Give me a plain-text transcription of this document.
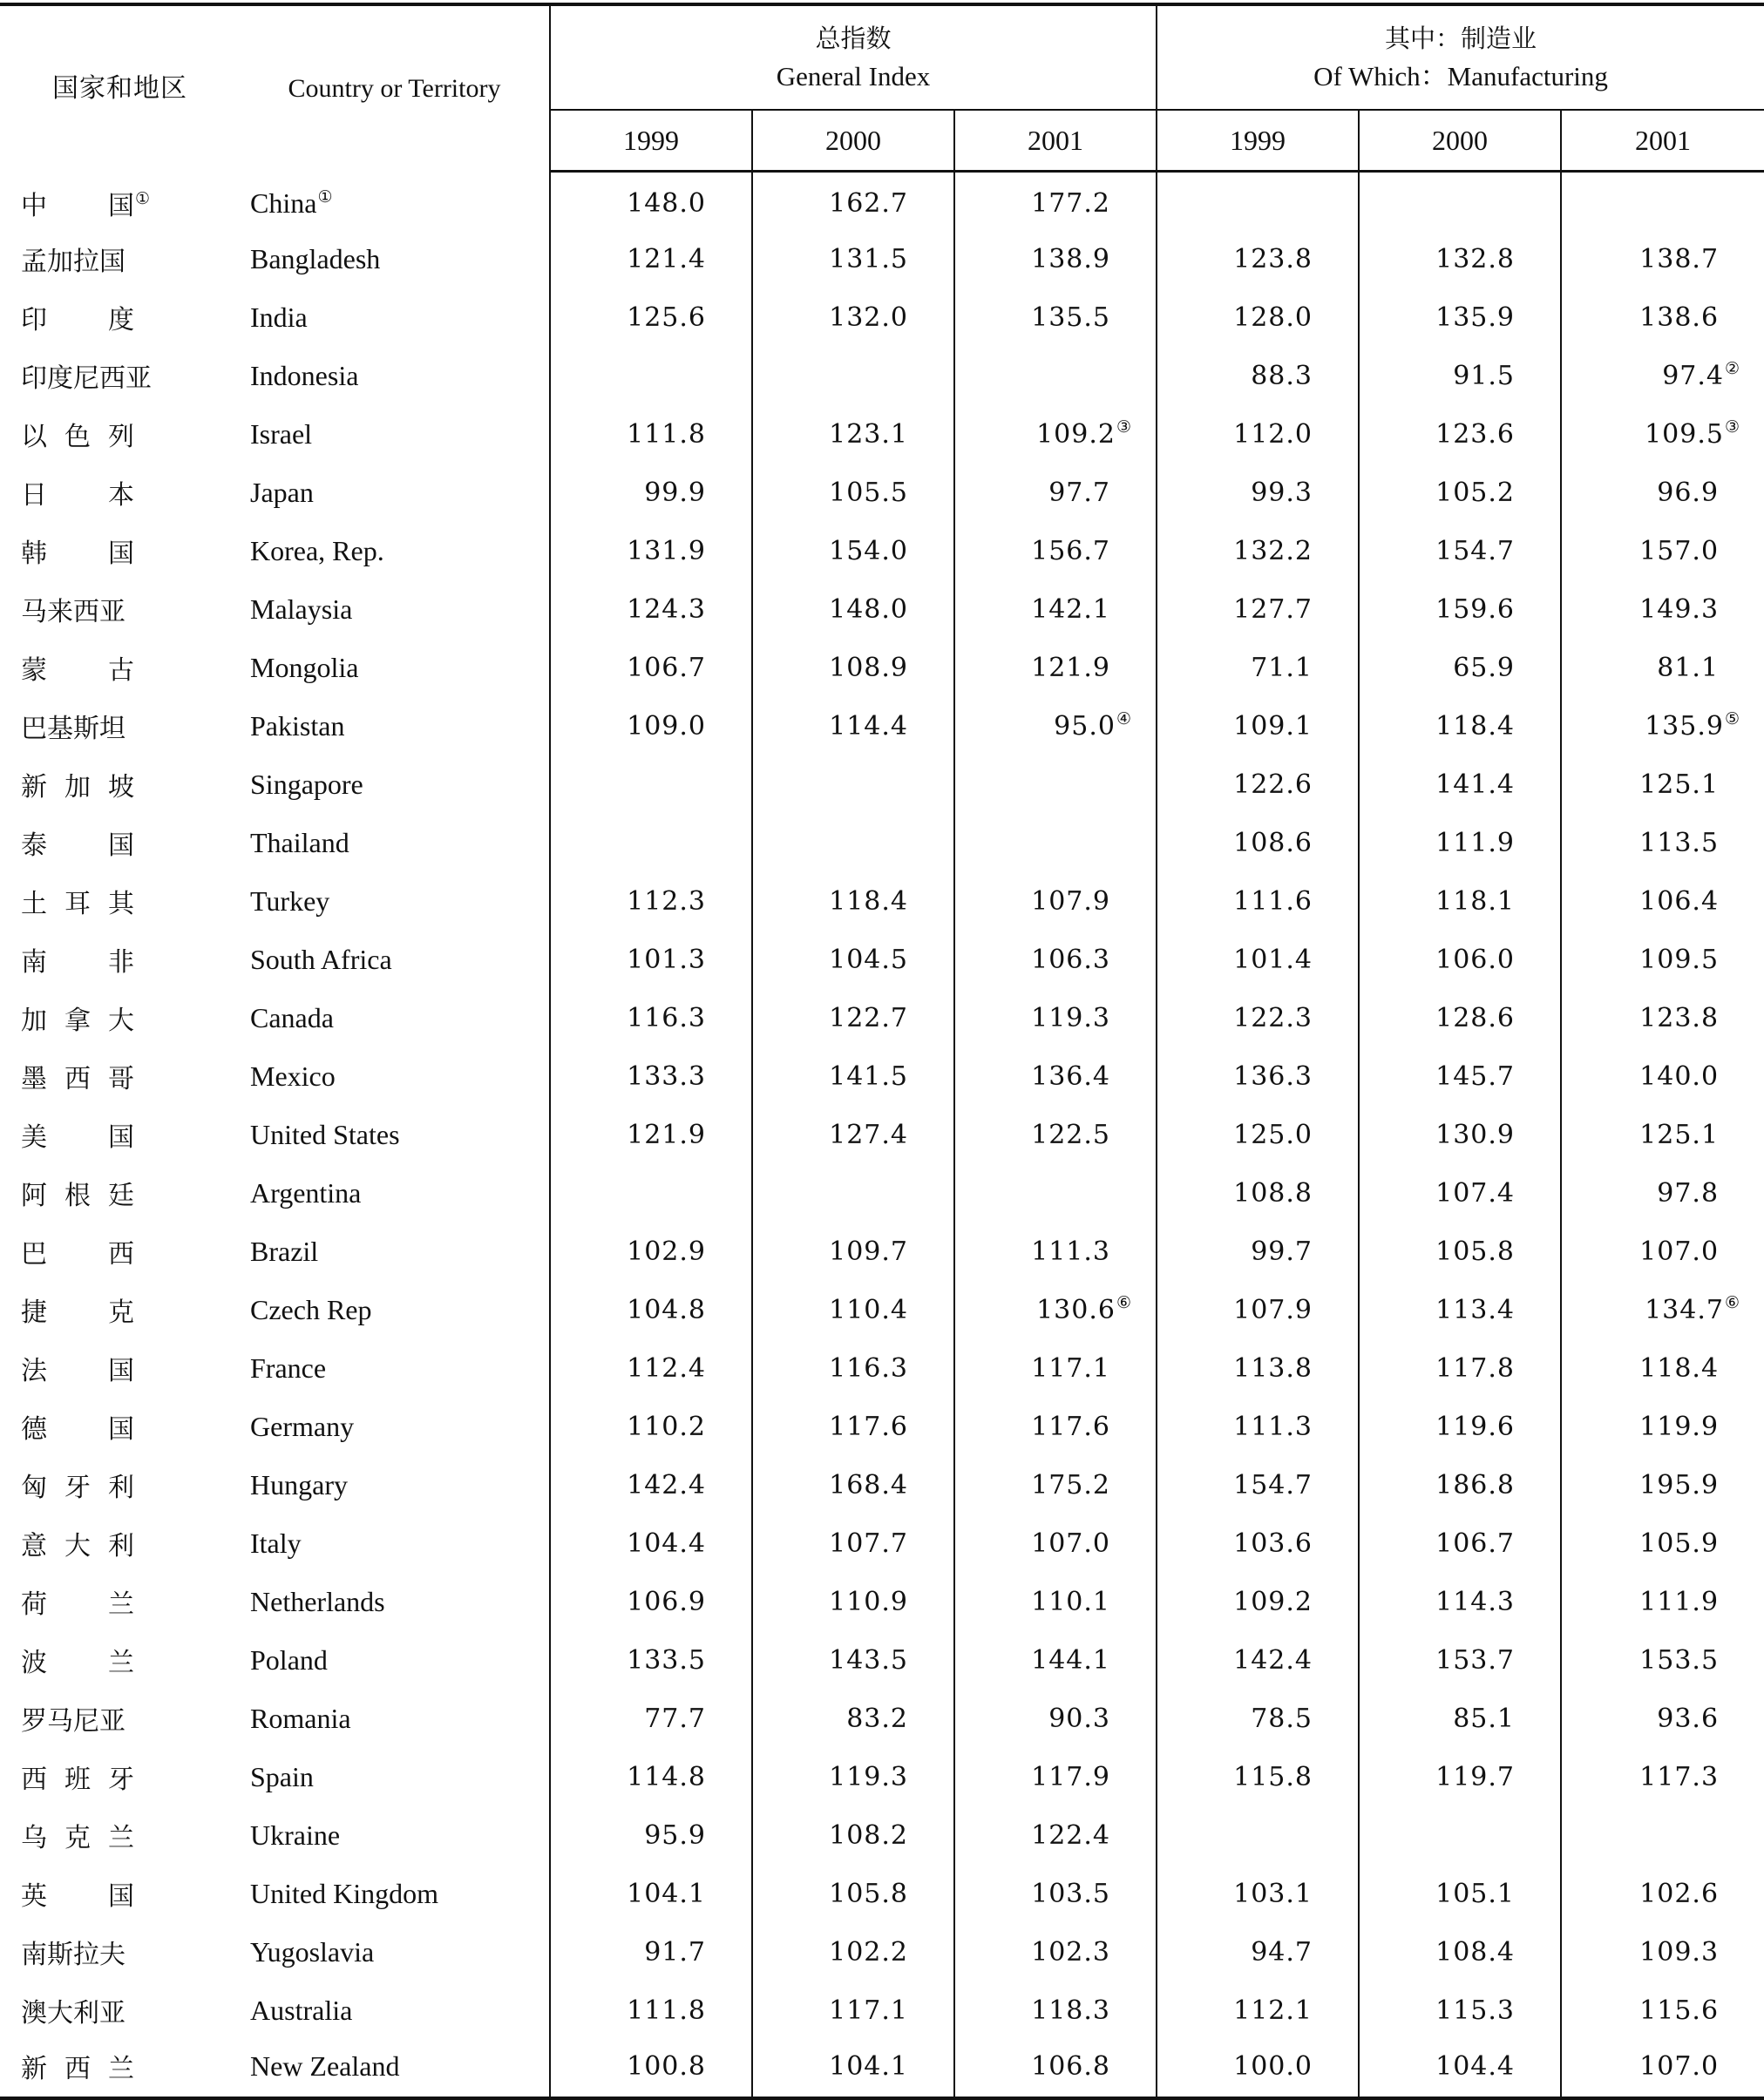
国家和地区	Country or Territory	总指数
General Index			其中：制造业
Of Which：Manufacturing		

		1999	2000	2001	1999	2000	2001
中　国①	China①	148.0	162.7	177.2			
孟加拉国	Bangladesh	121.4	131.5	138.9	123.8	132.8	138.7
印　度	India	125.6	132.0	135.5	128.0	135.9	138.6
印度尼西亚	Indonesia				88.3	91.5	97.4②
以色列	Israel	111.8	123.1	109.2③	112.0	123.6	109.5③
日　本	Japan	99.9	105.5	97.7	99.3	105.2	96.9
韩　国	Korea, Rep.	131.9	154.0	156.7	132.2	154.7	157.0
马来西亚	Malaysia	124.3	148.0	142.1	127.7	159.6	149.3
蒙　古	Mongolia	106.7	108.9	121.9	71.1	65.9	81.1
巴基斯坦	Pakistan	109.0	114.4	95.0④	109.1	118.4	135.9⑤
新加坡	Singapore				122.6	141.4	125.1
泰　国	Thailand				108.6	111.9	113.5
土耳其	Turkey	112.3	118.4	107.9	111.6	118.1	106.4
南　非	South Africa	101.3	104.5	106.3	101.4	106.0	109.5
加拿大	Canada	116.3	122.7	119.3	122.3	128.6	123.8
墨西哥	Mexico	133.3	141.5	136.4	136.3	145.7	140.0
美　国	United States	121.9	127.4	122.5	125.0	130.9	125.1
阿根廷	Argentina				108.8	107.4	97.8
巴　西	Brazil	102.9	109.7	111.3	99.7	105.8	107.0
捷　克	Czech Rep	104.8	110.4	130.6⑥	107.9	113.4	134.7⑥
法　国	France	112.4	116.3	117.1	113.8	117.8	118.4
德　国	Germany	110.2	117.6	117.6	111.3	119.6	119.9
匈牙利	Hungary	142.4	168.4	175.2	154.7	186.8	195.9
意大利	Italy	104.4	107.7	107.0	103.6	106.7	105.9
荷　兰	Netherlands	106.9	110.9	110.1	109.2	114.3	111.9
波　兰	Poland	133.5	143.5	144.1	142.4	153.7	153.5
罗马尼亚	Romania	77.7	83.2	90.3	78.5	85.1	93.6
西班牙	Spain	114.8	119.3	117.9	115.8	119.7	117.3
乌克兰	Ukraine	95.9	108.2	122.4			
英　国	United Kingdom	104.1	105.8	103.5	103.1	105.1	102.6
南斯拉夫	Yugoslavia	91.7	102.2	102.3	94.7	108.4	109.3
澳大利亚	Australia	111.8	117.1	118.3	112.1	115.3	115.6
新西兰	New Zealand	100.8	104.1	106.8	100.0	104.4	107.0
